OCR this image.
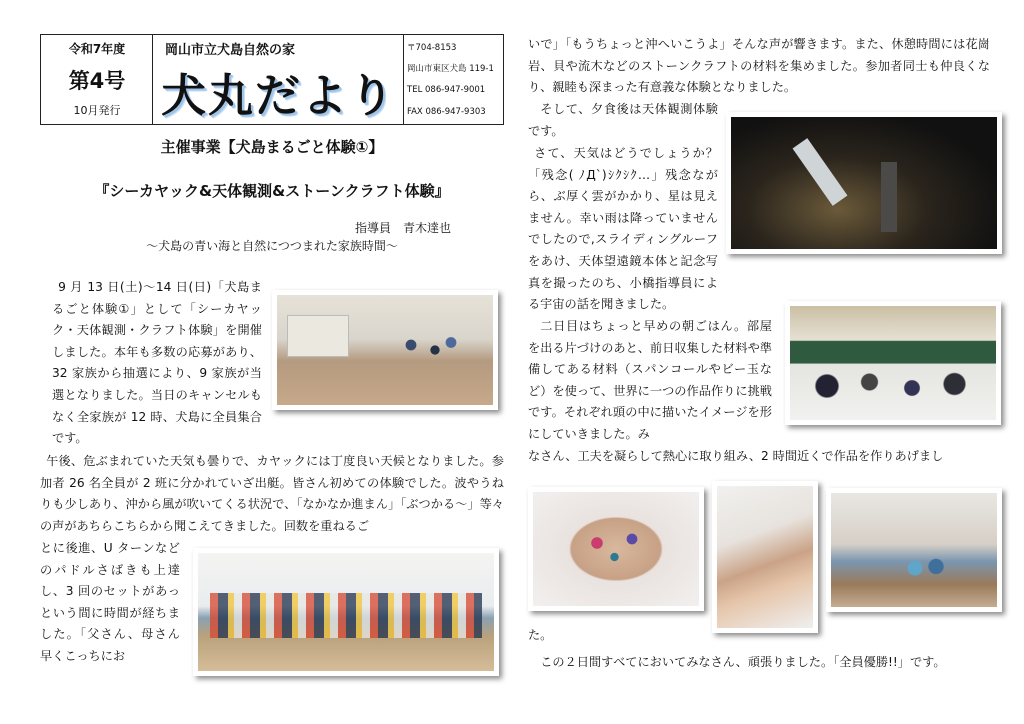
令和7年度
第4号
10月発行
岡山市立犬島自然の家
犬丸だより
〒704-8153
岡山市東区犬島 119-1
TEL 086-947-9001
FAX 086-947-9303
主催事業【犬島まるごと体験①】
『シーカヤック&天体観測&ストーンクラフト体験』
指導員　青木達也
～犬島の青い海と自然につつまれた家族時間～
9 月 13 日(土)～14 日(日)「犬島まるごと体験①」として「シーカヤック・天体観測・クラフト体験」を開催しました。本年も多数の応募があり、32 家族から抽選により、9 家族が当選となりました。当日のキャンセルもなく全家族が 12 時、犬島に全員集合です。
午後、危ぶまれていた天気も曇りで、カヤックには丁度良い天候となりました。参加者 26 名全員が 2 班に分かれていざ出艇。皆さん初めての体験でした。波やうねりも少しあり、沖から風が吹いてくる状況で、「なかなか進まん」「ぶつかる～」等々の声があちらこちらから聞こえてきました。回数を重ねるご
とに後進、U ターンなどのパドルさばきも上達し、3 回のセットがあっという間に時間が経ちました。「父さん、母さん早くこっちにお
いで」「もうちょっと沖へいこうよ」そんな声が響きます。また、休憩時間には花崗岩、貝や流木などのストーンクラフトの材料を集めました。参加者同士も仲良くなり、親睦も深まった有意義な体験となりました。
そして、夕食後は天体観測体験です。
さて、天気はどうでしょうか？「残念( ﾉД`)ｼｸｼｸ…」残念ながら、ぶ厚く雲がかかり、星は見えません。幸い雨は降っていませんでしたので,スライディングルーフをあけ、天体望遠鏡本体と記念写真を撮ったのち、小橋指導員による宇宙の話を聞きました。
二日目はちょっと早めの朝ごはん。部屋を出る片づけのあと、前日収集した材料や準備してある材料（スパンコールやビー玉など）を使って、世界に一つの作品作りに挑戦です。それぞれ頭の中に描いたイメージを形にしていきました。み
なさん、工夫を凝らして熱心に取り組み、2 時間近くで作品を作りあげまし
た。
この２日間すべてにおいてみなさん、頑張りました。「全員優勝!!」です。
